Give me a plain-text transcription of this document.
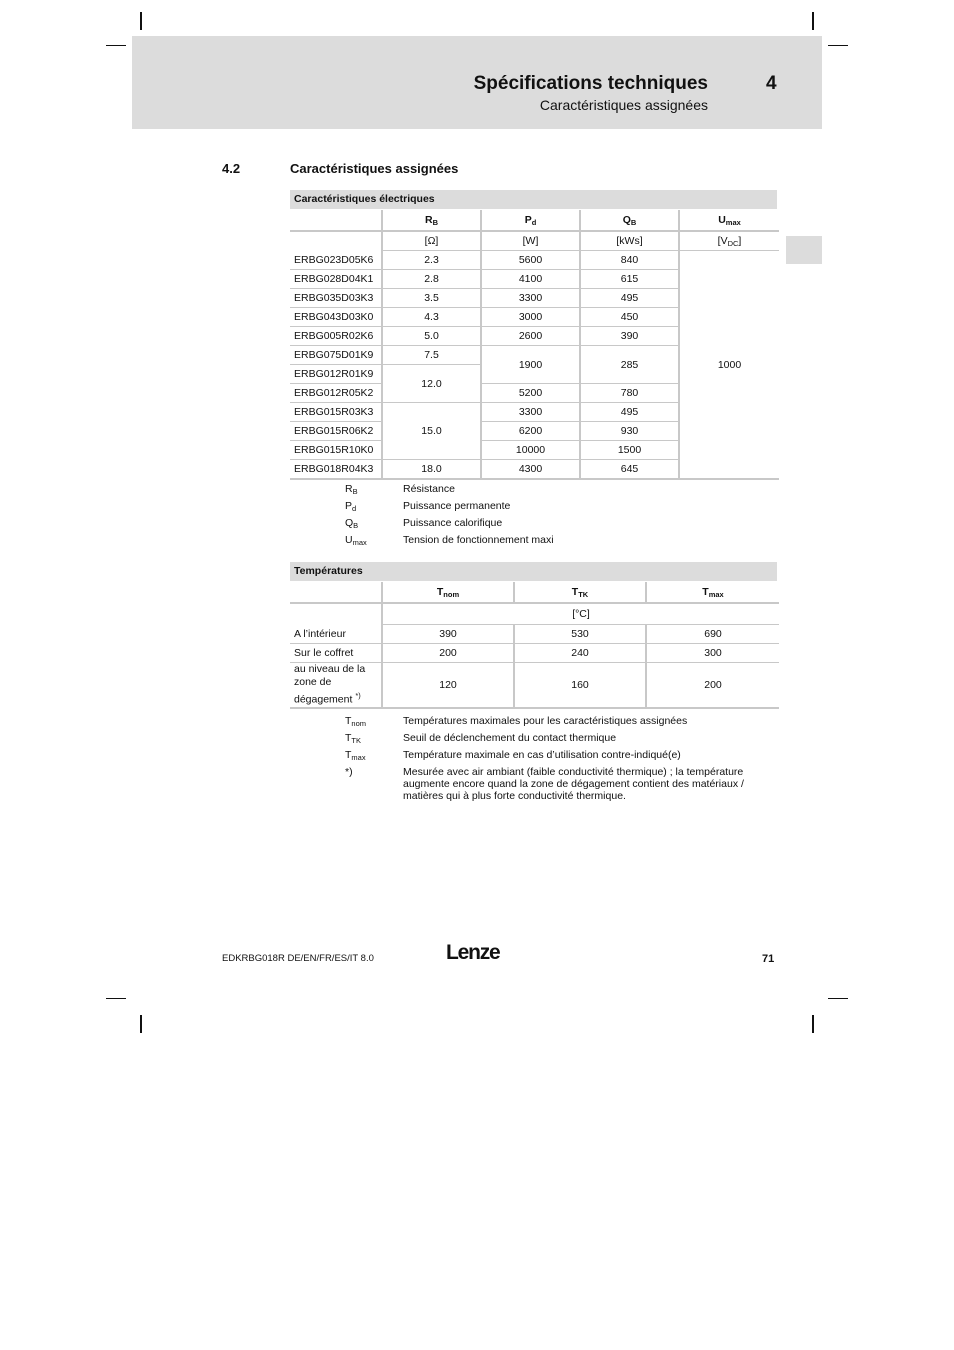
Spécifications techniques	4
Caractéristiques assignées
4.2	Caractéristiques assignées
Caractéristiques électriques
	$R_B$	$P_d$	$Q_B$	$U_{max}$
	[Ω]	[W]	[kWs]	$[V_{DC}]$
ERBG023D05K6	2.3	5600	840	1000
ERBG028D04K1	2.8	4100	615	
ERBG035D03K3	3.5	3300	495	
ERBG043D03K0	4.3	3000	450	
ERBG005R02K6	5.0	2600	390	
ERBG075D01K9	7.5	1900	285	
ERBG012R01K9	12.0			
ERBG012R05K2		5200	780	
ERBG015R03K3	15.0	3300	495	
ERBG015R06K2		6200	930	
ERBG015R10K0		10000	1500	
ERBG018R04K3	18.0	4300	645	
$R_B$	Résistance
$P_d$	Puissance permanente
$Q_B$	Puissance calorifique
$U_{max}$	Tension de fonctionnement maxi
Températures
	$T_{nom}$	$T_{TK}$	$T_{max}$
	[°C]		
A l’intérieur	390	530	690
Sur le coffret	200	240	300

au niveau de la
zone de
dégagement *)	120	160	200
$T_{nom}$	Températures maximales pour les caractéristiques assignées
$T_{TK}$	Seuil de déclenchement du contact thermique
$T_{max}$	Température maximale en cas d’utilisation contre-indiqué(e)
*)	Mesurée avec air ambiant (faible conductivité thermique) ; la température
augmente encore quand la zone de dégagement contient des matériaux /
matières qui à plus forte conductivité thermique.
EDKRBG018R DE/EN/FR/ES/IT 8.0	Lenze	71
